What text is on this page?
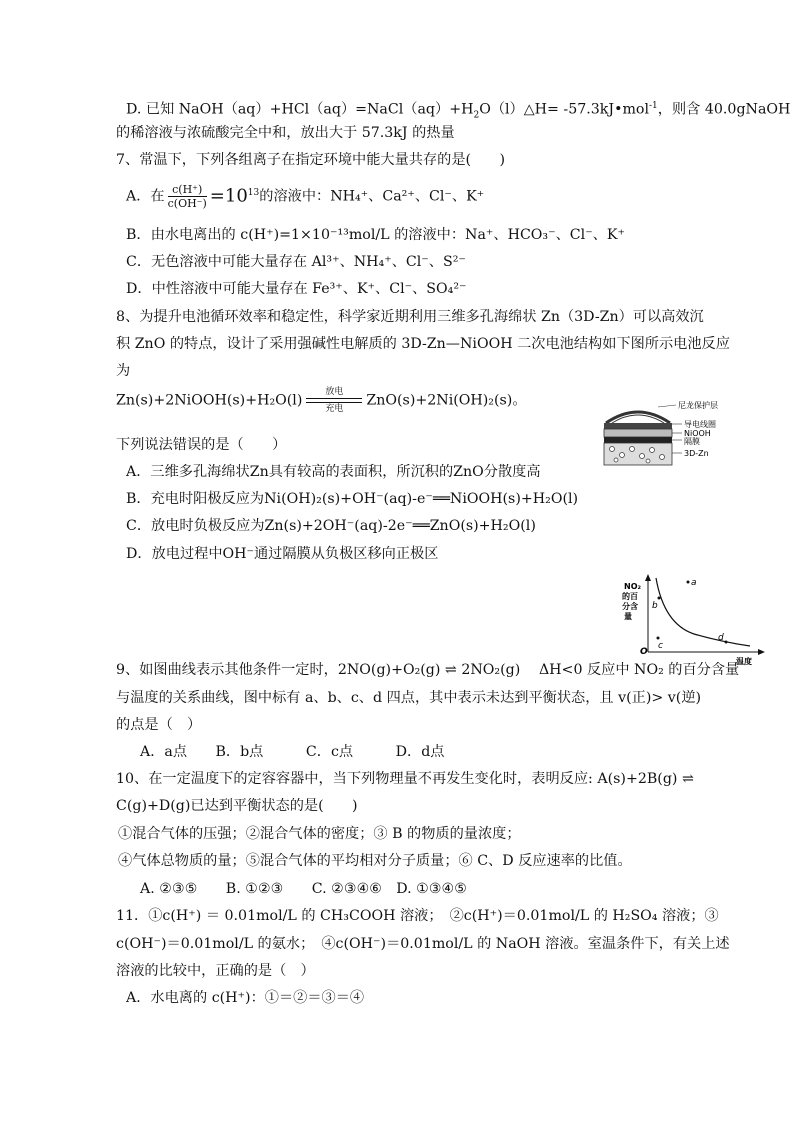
D. 已知 $NaOH(aq)+HCl(aq)=NaCl(aq)+H_2O(l)\triangle H=$ -57.3kJ•mol$^{-1}$，则含 40.0gNaOH
的稀溶液与浓硫酸完全中和，放出大于 57.3kJ 的热量
7、常温下，下列各组离子在指定环境中能大量共存的是(　　)
A．在 $\frac{c(H^+)}{c(OH^-)} =10^{13}$的溶液中：NH₄⁺、Ca²⁺、Cl⁻、K⁺
B．由水电离出的 c(H⁺)=1×10⁻¹³mol/L 的溶液中：Na⁺、HCO₃⁻、Cl⁻、K⁺
C．无色溶液中可能大量存在 Al³⁺、NH₄⁺、Cl⁻、S²⁻
D．中性溶液中可能大量存在 Fe³⁺、K⁺、Cl⁻、SO₄²⁻
8、为提升电池循环效率和稳定性，科学家近期利用三维多孔海绵状 Zn（3D-Zn）可以高效沉
积 ZnO 的特点，设计了采用强碱性电解质的 3D-Zn—NiOOH 二次电池结构如下图所示电池反应
为
Zn(s)+2NiOOH(s)+H₂O(l)
放电
充电
ZnO(s)+2Ni(OH)₂(s)。	尼龙保护层
导电线圈
NiOOH
隔膜
3D-Zn
下列说法错误的是（　　）
A．三维多孔海绵状Zn具有较高的表面积，所沉积的ZnO分散度高
B．充电时阳极反应为Ni(OH)₂(s)+OH⁻(aq)-e⁻══NiOOH(s)+H₂O(l)
C．放电时负极反应为Zn(s)+2OH⁻(aq)-2e⁻══ZnO(s)+H₂O(l)
D．放电过程中OH⁻通过隔膜从负极区移向正极区
NO₂
的百
分含
量
O
温度
a
b
c
d
9、如图曲线表示其他条件一定时，2NO(g)+O₂(g) ⇌ 2NO₂(g)　 ΔH<0 反应中 NO₂ 的百分含量
与温度的关系曲线，图中标有 a、b、c、d 四点，其中表示未达到平衡状态，且 v(正)> v(逆)
的点是（　）
A．a点　　B．b点　　　C．c点　　　D．d点
10、在一定温度下的定容容器中，当下列物理量不再发生变化时，表明反应: A(s)+2B(g) ⇌
C(g)+D(g)已达到平衡状态的是(　　)
①混合气体的压强；②混合气体的密度；③ B 的物质的量浓度；
④气体总物质的量；⑤混合气体的平均相对分子质量；⑥ C、D 反应速率的比值。
A. ②③⑤　　B. ①②③　　C. ②③④⑥　D. ①③④⑤
11．①c(H⁺) ＝ 0.01mol/L 的 CH₃COOH 溶液；　②c(H⁺)＝0.01mol/L 的 H₂SO₄ 溶液；③
c(OH⁻)＝0.01mol/L 的氨水；　④c(OH⁻)＝0.01mol/L 的 NaOH 溶液。室温条件下，有关上述
溶液的比较中，正确的是（　）
A．水电离的 c(H⁺)：①＝②＝③＝④
